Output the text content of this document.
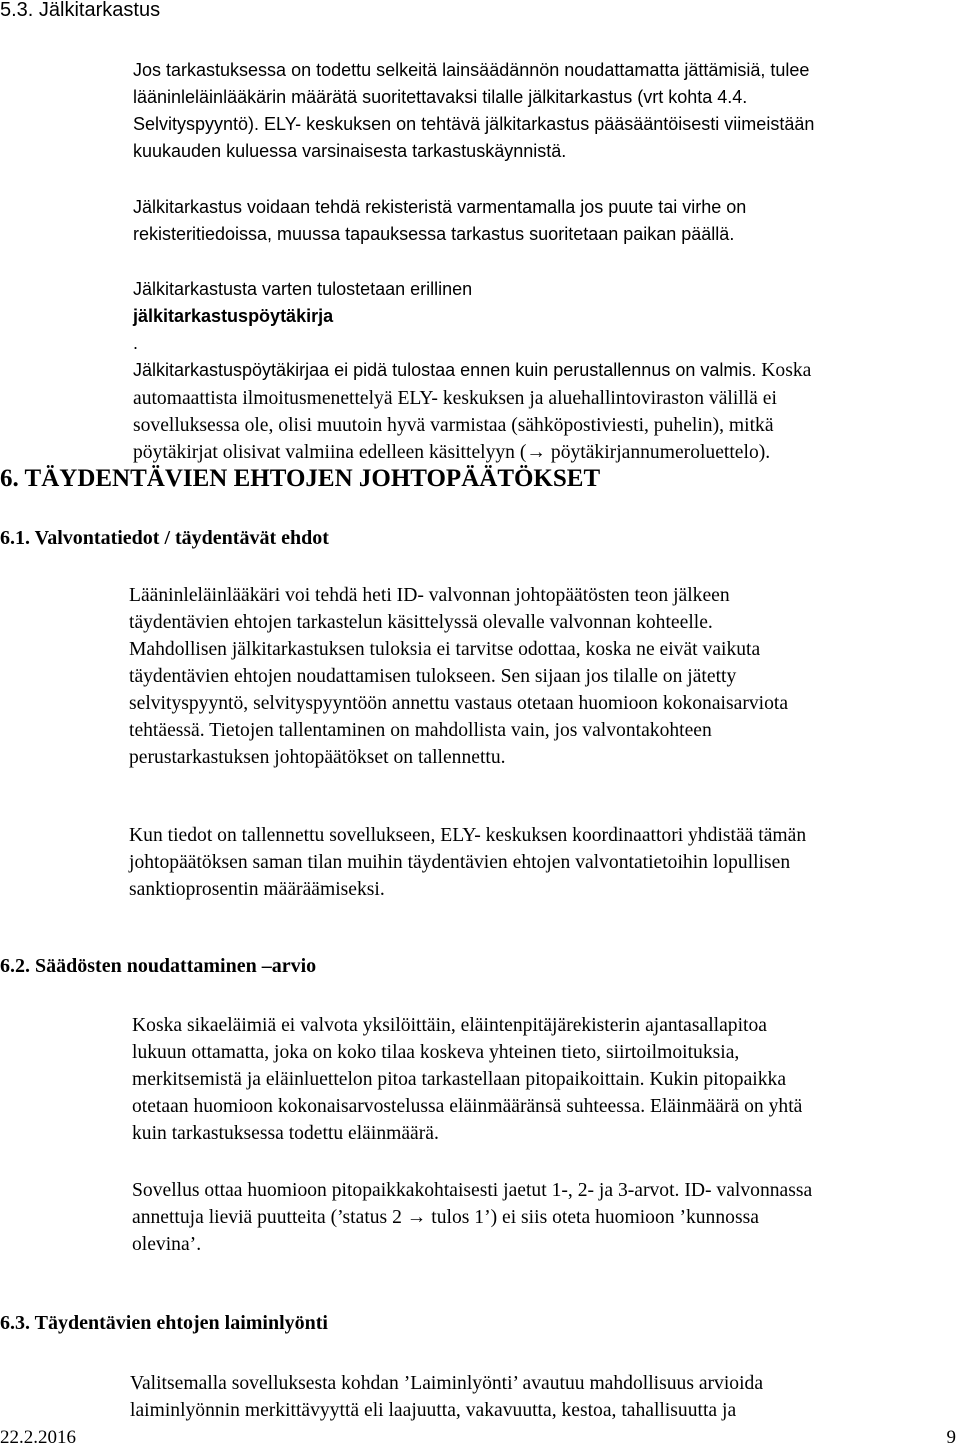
5.3. Jälkitarkastus
Jos tarkastuksessa on todettu selkeitä lainsäädännön noudattamatta jättämisiä, tulee
lääninleläinlääkärin määrätä suoritettavaksi tilalle jälkitarkastus (vrt kohta 4.4.
Selvityspyyntö). ELY- keskuksen on tehtävä jälkitarkastus pääsääntöisesti viimeistään
kuukauden kuluessa varsinaisesta tarkastuskäynnistä.
Jälkitarkastus voidaan tehdä rekisteristä varmentamalla jos puute tai virhe on
rekisteritiedoissa, muussa tapauksessa tarkastus suoritetaan paikan päällä.
Jälkitarkastusta varten tulostetaan erillinen
jälkitarkastuspöytäkirja
.
Jälkitarkastuspöytäkirjaa ei pidä tulostaa ennen kuin perustallennus on valmis. Koska
automaattista ilmoitusmenettelyä ELY- keskuksen ja aluehallintoviraston välillä ei
sovelluksessa ole, olisi muutoin hyvä varmistaa (sähköpostiviesti, puhelin), mitkä
pöytäkirjat olisivat valmiina edelleen käsittelyyn (→ pöytäkirjannumeroluettelo).
6. TÄYDENTÄVIEN EHTOJEN JOHTOPÄÄTÖKSET
6.1. Valvontatiedot / täydentävät ehdot
Lääninleläinlääkäri voi tehdä heti ID- valvonnan johtopäätösten teon jälkeen
täydentävien ehtojen tarkastelun käsittelyssä olevalle valvonnan kohteelle.
Mahdollisen jälkitarkastuksen tuloksia ei tarvitse odottaa, koska ne eivät vaikuta
täydentävien ehtojen noudattamisen tulokseen. Sen sijaan jos tilalle on jätetty
selvityspyyntö, selvityspyyntöön annettu vastaus otetaan huomioon kokonaisarviota
tehtäessä. Tietojen tallentaminen on mahdollista vain, jos valvontakohteen
perustarkastuksen johtopäätökset on tallennettu.
Kun tiedot on tallennettu sovellukseen, ELY- keskuksen koordinaattori yhdistää tämän
johtopäätöksen saman tilan muihin täydentävien ehtojen valvontatietoihin lopullisen
sanktioprosentin määräämiseksi.
6.2. Säädösten noudattaminen –arvio
Koska sikaeläimiä ei valvota yksilöittäin, eläintenpitäjärekisterin ajantasallapitoa
lukuun ottamatta, joka on koko tilaa koskeva yhteinen tieto, siirtoilmoituksia,
merkitsemistä ja eläinluettelon pitoa tarkastellaan pitopaikoittain. Kukin pitopaikka
otetaan huomioon kokonaisarvostelussa eläinmääränsä suhteessa. Eläinmäärä on yhtä
kuin tarkastuksessa todettu eläinmäärä.
Sovellus ottaa huomioon pitopaikkakohtaisesti jaetut 1-, 2- ja 3-arvot. ID- valvonnassa
annettuja lieviä puutteita (’status 2 → tulos 1’) ei siis oteta huomioon ’kunnossa
olevina’.
6.3. Täydentävien ehtojen laiminlyönti
Valitsemalla sovelluksesta kohdan ’Laiminlyönti’ avautuu mahdollisuus arvioida
laiminlyönnin merkittävyyttä eli laajuutta, vakavuutta, kestoa, tahallisuutta ja
22.2.2016	9
